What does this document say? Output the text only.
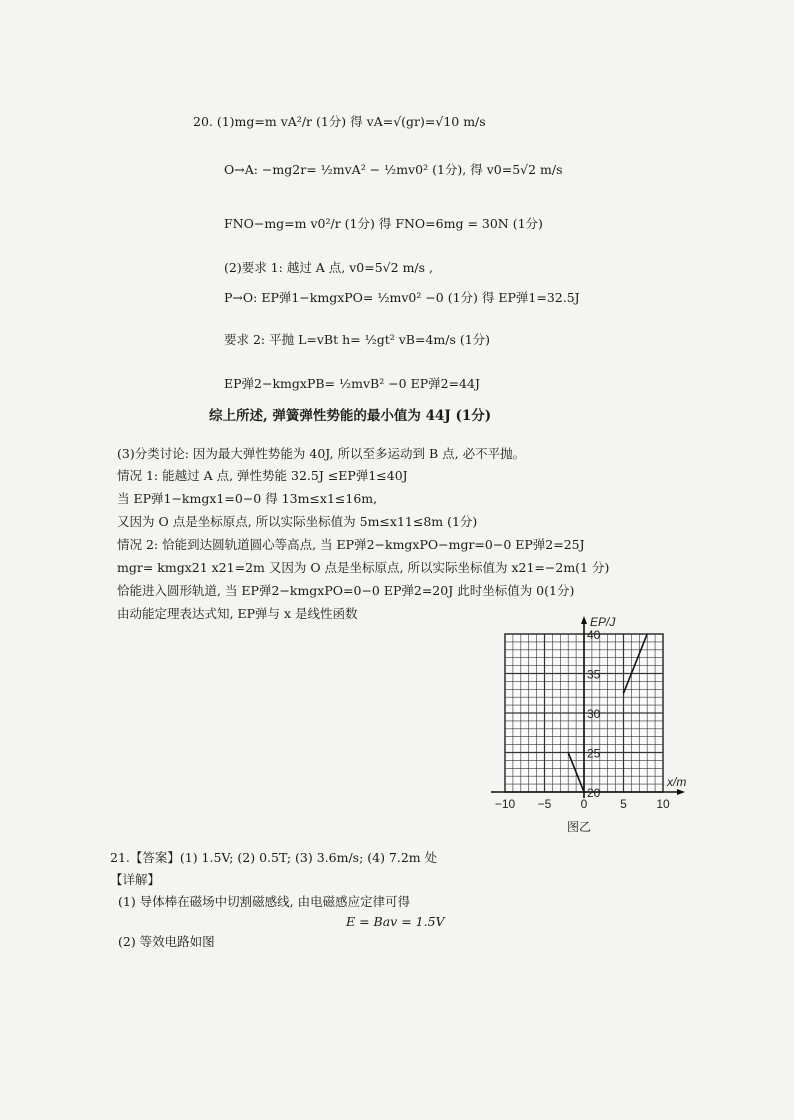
20. (1)mg=m vA²/r (1分) 得 vA=√(gr)=√10 m/s
O→A: −mg2r= ½mvA² − ½mv0² (1分), 得 v0=5√2 m/s
FNO−mg=m v0²/r (1分) 得 FNO=6mg = 30N (1分)
(2)要求 1: 越过 A 点, v0=5√2 m/s ,
P→O: EP弹1−kmgxPO= ½mv0² −0 (1分) 得 EP弹1=32.5J
要求 2: 平抛 L=vBt h= ½gt² vB=4m/s (1分)
EP弹2−kmgxPB= ½mvB² −0 EP弹2=44J
综上所述, 弹簧弹性势能的最小值为 44J (1分)
(3)分类讨论: 因为最大弹性势能为 40J, 所以至多运动到 B 点, 必不平抛。
情况 1: 能越过 A 点, 弹性势能 32.5J ≤EP弹1≤40J
当 EP弹1−kmgx1=0−0 得 13m≤x1≤16m,
又因为 O 点是坐标原点, 所以实际坐标值为 5m≤x11≤8m (1分)
情况 2: 恰能到达圆轨道圆心等高点, 当 EP弹2−kmgxPO−mgr=0−0 EP弹2=25J
mgr= kmgx21 x21=2m 又因为 O 点是坐标原点, 所以实际坐标值为 x21=−2m(1 分)
恰能进入圆形轨道, 当 EP弹2−kmgxPO=0−0 EP弹2=20J 此时坐标值为 0(1分)
由动能定理表达式知, EP弹与 x 是线性函数
−10 −5 0	5 10
20
25
30
35
40
x/m
EP/J
图乙
21.【答案】(1) 1.5V; (2) 0.5T; (3) 3.6m/s; (4) 7.2m 处
【详解】
(1) 导体棒在磁场中切割磁感线, 由电磁感应定律可得
E = Bav = 1.5V
(2) 等效电路如图
